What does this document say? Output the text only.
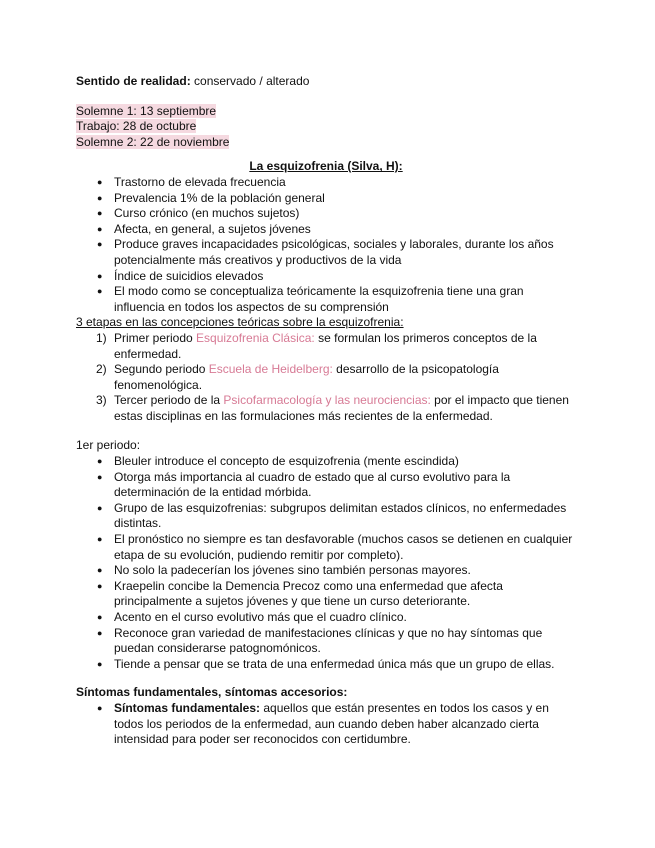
Sentido de realidad: conservado / alterado

Solemne 1: 13 septiembre

Trabajo: 28 de octubre

Solemne 2: 22 de noviembre

La esquizofrenia (Silva, H):

● Trastorno de elevada frecuencia
● Prevalencia 1% de la población general
● Curso crónico (en muchos sujetos)
● Afecta, en general, a sujetos jóvenes
● Produce graves incapacidades psicológicas, sociales y laborales, durante los años potencialmente más creativos y productivos de la vida
● Índice de suicidios elevados
● El modo como se conceptualiza teóricamente la esquizofrenia tiene una gran influencia en todos los aspectos de su comprensión

3 etapas en las concepciones teóricas sobre la esquizofrenia:

1) Primer periodo Esquizofrenia Clásica: se formulan los primeros conceptos de la enfermedad.
2) Segundo periodo Escuela de Heidelberg: desarrollo de la psicopatología fenomenológica.
3) Tercer periodo de la Psicofarmacología y las neurociencias: por el impacto que tienen estas disciplinas en las formulaciones más recientes de la enfermedad.

1er periodo:

● Bleuler introduce el concepto de esquizofrenia (mente escindida)
● Otorga más importancia al cuadro de estado que al curso evolutivo para la determinación de la entidad mórbida.
● Grupo de las esquizofrenias: subgrupos delimitan estados clínicos, no enfermedades distintas.
● El pronóstico no siempre es tan desfavorable (muchos casos se detienen en cualquier etapa de su evolución, pudiendo remitir por completo).
● No solo la padecerían los jóvenes sino también personas mayores.
● Kraepelin concibe la Demencia Precoz como una enfermedad que afecta principalmente a sujetos jóvenes y que tiene un curso deteriorante.
● Acento en el curso evolutivo más que el cuadro clínico.
● Reconoce gran variedad de manifestaciones clínicas y que no hay síntomas que puedan considerarse patognomónicos.
● Tiende a pensar que se trata de una enfermedad única más que un grupo de ellas.

Síntomas fundamentales, síntomas accesorios:

● Síntomas fundamentales: aquellos que están presentes en todos los casos y en todos los periodos de la enfermedad, aun cuando deben haber alcanzado cierta intensidad para poder ser reconocidos con certidumbre.
